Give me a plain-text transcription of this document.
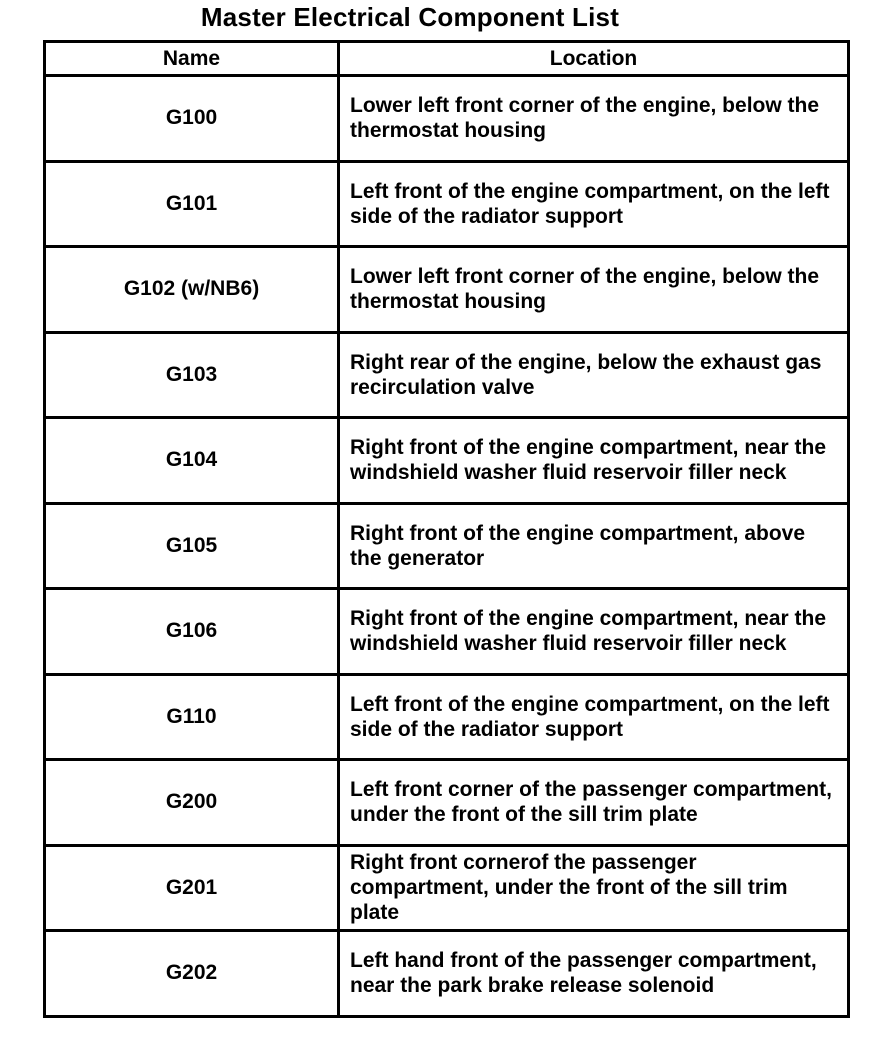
Master Electrical Component List
Name	Location
G100	Lower left front corner of the engine, below the thermostat housing
G101	Left front of the engine compartment, on the left side of the radiator support
G102 (w/NB6)	Lower left front corner of the engine, below the thermostat housing
G103	Right rear of the engine, below the exhaust gas recirculation valve
G104	Right front of the engine compartment, near the windshield washer fluid reservoir filler neck
G105	Right front of the engine compartment, above the generator
G106	Right front of the engine compartment, near the windshield washer fluid reservoir filler neck
G110	Left front of the engine compartment, on the left side of the radiator support
G200	Left front corner of the passenger compartment, under the front of the sill trim plate
G201	Right front cornerof the passenger compartment, under the front of the sill trim plate
G202	Left hand front of the passenger compartment, near the park brake release solenoid
